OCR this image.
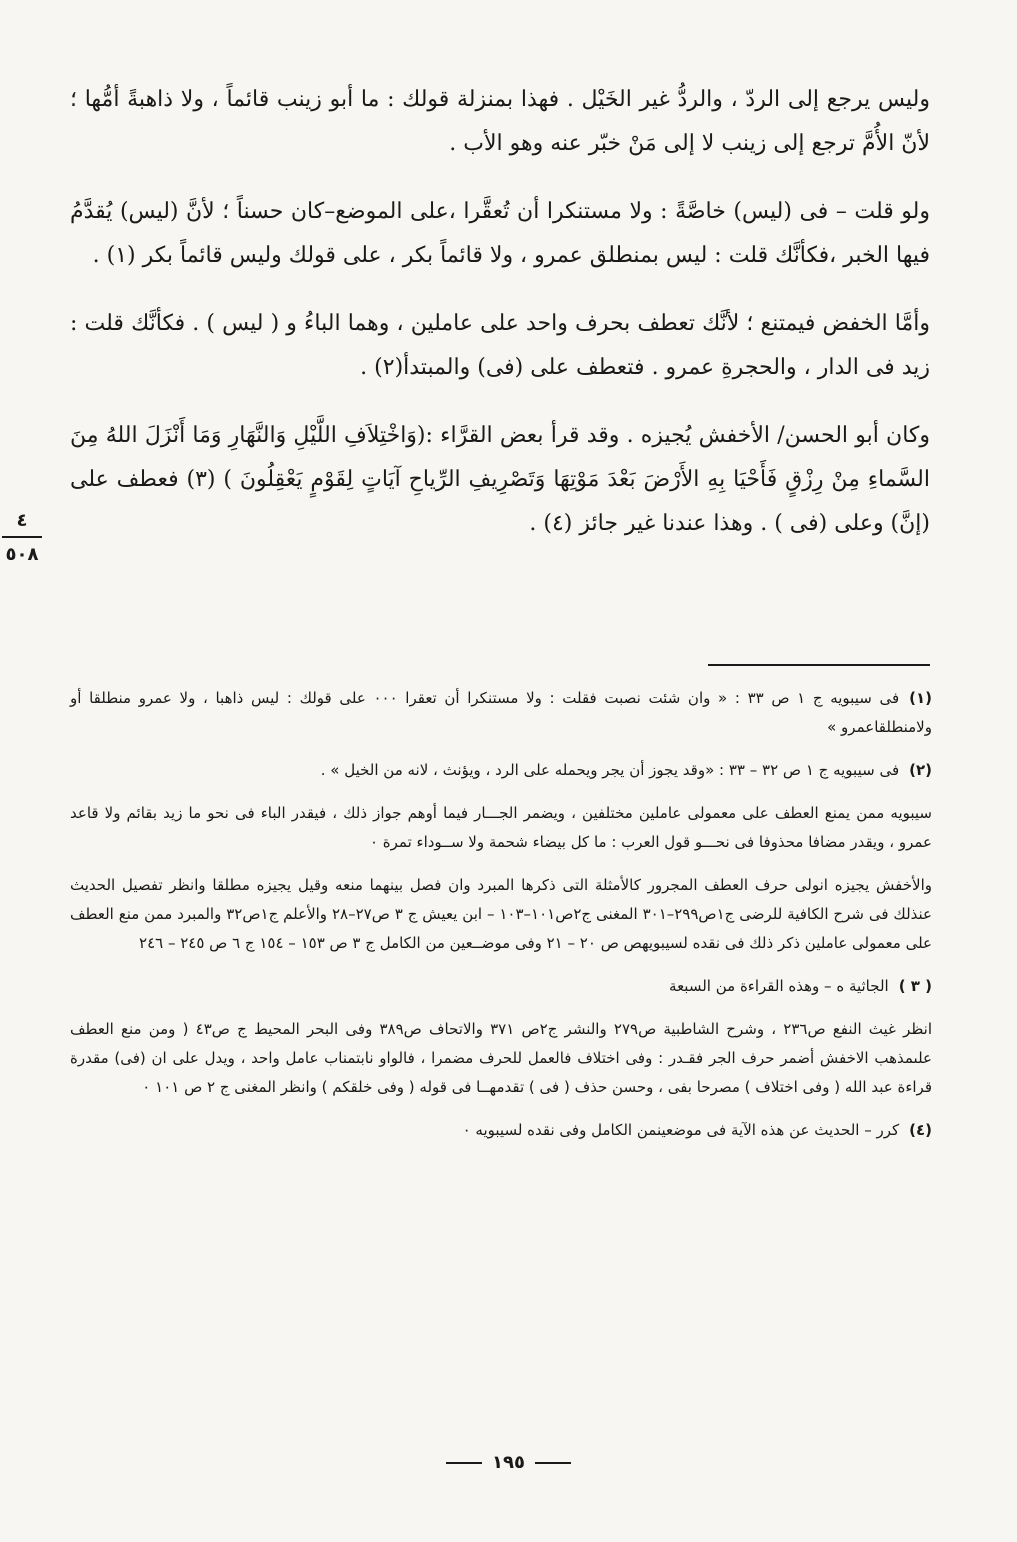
وليس يرجع إلى الردّ ، والردُّ غير الخَيْل . فهذا بمنزلة قولك : ما أبو زينب قائماً ، ولا ذاهبةً أمُّها ؛ لأنّ الأُمَّ ترجع إلى زينب لا إلى مَنْ خبّر عنه وهو الأب .

ولو قلت – فى (ليس) خاصَّةً : ولا مستنكرا أن تُعقَّرا ،على الموضع–كان حسناً ؛ لأنَّ (ليس) يُقدَّمُ فيها الخبر ،فكأنَّك قلت : ليس بمنطلق عمرو ، ولا قائماً بكر ، على قولك وليس قائماً بكر (١) .

وأمَّا الخفض فيمتنع ؛ لأنَّك تعطف بحرف واحد على عاملين ، وهما الباءُ و ( ليس ) . فكأنَّك قلت : زيد فى الدار ، والحجرةِ عمرو . فتعطف على (فى) والمبتدأ(٢) .

وكان أبو الحسن/ الأخفش يُجيزه . وقد قرأ بعض القرَّاء :(وَاخْتِلاَفِ اللَّيْلِ وَالنَّهَارِ وَمَا أَنْزَلَ اللهُ مِنَ السَّماءِ مِنْ رِزْقٍ فَأَحْيَا بِهِ الأَرْضَ بَعْدَ مَوْتِهَا وَتَصْرِيفِ الرِّياحِ آيَاتٍ لِقَوْمٍ يَعْقِلُونَ ) (٣) فعطف على (إنَّ) وعلى (فى ) . وهذا عندنا غير جائز (٤) .

٤
٥٠٨

(١)فى سيبويه ج ١ ص ٣٣ : « وان شئت نصبت فقلت : ولا مستنكرا أن تعقرا ٠٠٠ على قولك : ليس ذاهبا ، ولا عمرو منطلقا أو ولامنطلقاعمرو »

(٢)فى سيبويه ج ١ ص ٣٢ – ٣٣ : «وقد يجوز أن يجر ويحمله على الرد ، ويؤنث ، لانه من الخيل » .

سيبويه ممن يمنع العطف على معمولى عاملين مختلفين ، ويضمر الجـــار فيما أوهم جواز ذلك ، فيقدر الباء فى نحو ما زيد بقائم ولا قاعد عمرو ، ويقدر مضافا محذوفا فى نحـــو قول العرب : ما كل بيضاء شحمة ولا ســوداء تمرة ٠

والأخفش يجيزه انولى حرف العطف المجرور كالأمثلة التى ذكرها المبرد وان فصل بينهما منعه وقيل يجيزه مطلقا وانظر تفصيل الحديث عنذلك فى شرح الكافية للرضى ج١ص٢٩٩–٣٠١ المغنى ج٢ص١٠١–١٠٣ – ابن يعيش ج ٣ ص٢٧–٢٨ والأعلم ج١ص٣٢ والمبرد ممن منع العطف على معمولى عاملين ذكر ذلك فى نقده لسيبويهص ص ٢٠ – ٢١ وفى موضــعين من الكامل ج ٣ ص ١٥٣ – ١٥٤ ج ٦ ص ٢٤٥ – ٢٤٦

( ٣ )الجاثية ه – وهذه القراءة من السبعة

انظر غيث النفع ص٢٣٦ ، وشرح الشاطبية ص٢٧٩ والنشر ج٢ص ٣٧١ والاتحاف ص٣٨٩ وفى البحر المحيط ج ص٤٣ ( ومن منع العطف علىمذهب الاخفش أضمر حرف الجر فقـدر : وفى اختلاف فالعمل للحرف مضمرا ، فالواو نابتمناب عامل واحد ، ويدل على ان (فى) مقدرة قراءة عبد الله ( وفى اختلاف ) مصرحا بفى ، وحسن حذف ( فى ) تقدمهــا فى قوله ( وفى خلقكم ) وانظر المغنى ج ٢ ص ١٠١ ٠

(٤)كرر – الحديث عن هذه الآية فى موضعينمن الكامل وفى نقده لسيبويه ٠

١٩٥
